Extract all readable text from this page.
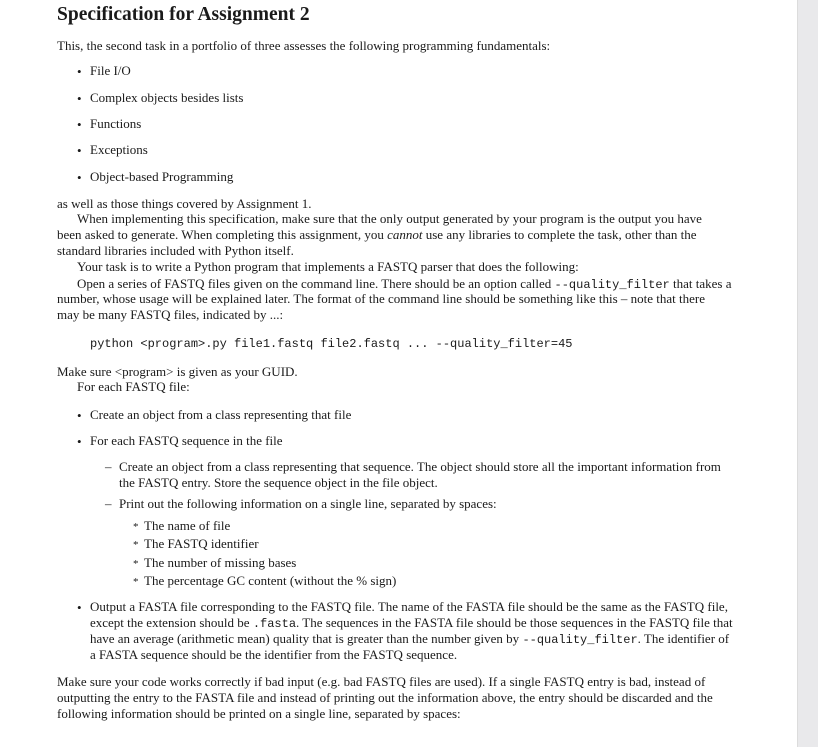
Specification for Assignment 2
This, the second task in a portfolio of three assesses the following programming fundamentals:
• File I/O
• Complex objects besides lists
• Functions
• Exceptions
• Object-based Programming
as well as those things covered by Assignment 1.
When implementing this specification, make sure that the only output generated by your program is the output you have
been asked to generate. When completing this assignment, you cannot use any libraries to complete the task, other than the
standard libraries included with Python itself.
Your task is to write a Python program that implements a FASTQ parser that does the following:
Open a series of FASTQ files given on the command line. There should be an option called --quality_filter that takes a
number, whose usage will be explained later. The format of the command line should be something like this – note that there
may be many FASTQ files, indicated by ...:
python <program>.py file1.fastq file2.fastq ... --quality_filter=45
Make sure <program> is given as your GUID.
For each FASTQ file:
• Create an object from a class representing that file
• For each FASTQ sequence in the file
– Create an object from a class representing that sequence. The object should store all the important information from
the FASTQ entry. Store the sequence object in the file object.
– Print out the following information on a single line, separated by spaces:
* The name of file
* The FASTQ identifier
* The number of missing bases
* The percentage GC content (without the % sign)
• Output a FASTA file corresponding to the FASTQ file. The name of the FASTA file should be the same as the FASTQ file,
except the extension should be .fasta. The sequences in the FASTA file should be those sequences in the FASTQ file that
have an average (arithmetic mean) quality that is greater than the number given by --quality_filter. The identifier of
a FASTA sequence should be the identifier from the FASTQ sequence.
Make sure your code works correctly if bad input (e.g. bad FASTQ files are used). If a single FASTQ entry is bad, instead of
outputting the entry to the FASTA file and instead of printing out the information above, the entry should be discarded and the
following information should be printed on a single line, separated by spaces:
